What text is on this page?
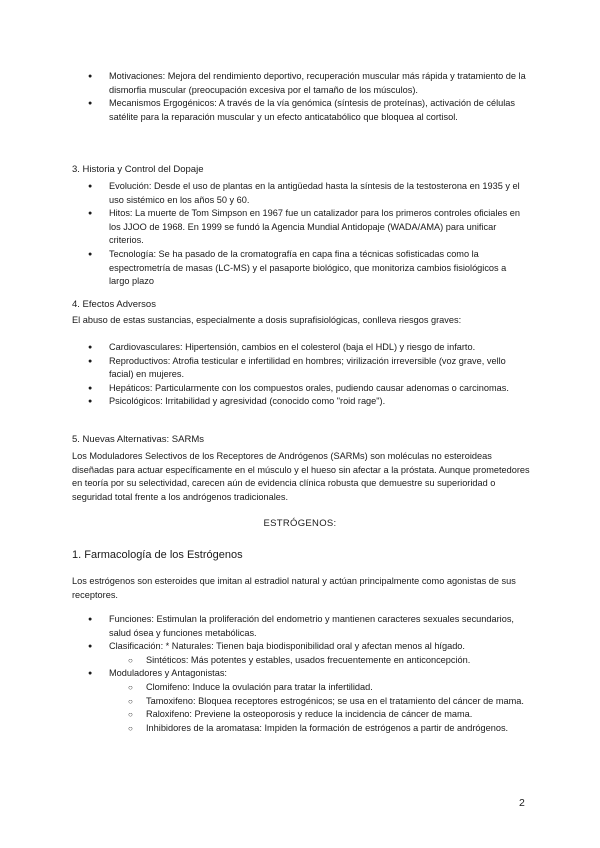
● Motivaciones: Mejora del rendimiento deportivo, recuperación muscular más rápida y tratamiento de la dismorfia muscular (preocupación excesiva por el tamaño de los músculos).
● Mecanismos Ergogénicos: A través de la vía genómica (síntesis de proteínas), activación de células satélite para la reparación muscular y un efecto anticatabólico que bloquea al cortisol.
3. Historia y Control del Dopaje
● Evolución: Desde el uso de plantas en la antigüedad hasta la síntesis de la testosterona en 1935 y el uso sistémico en los años 50 y 60.
● Hitos: La muerte de Tom Simpson en 1967 fue un catalizador para los primeros controles oficiales en los JJOO de 1968. En 1999 se fundó la Agencia Mundial Antidopaje (WADA/AMA) para unificar criterios.
● Tecnología: Se ha pasado de la cromatografía en capa fina a técnicas sofisticadas como la espectrometría de masas (LC-MS) y el pasaporte biológico, que monitoriza cambios fisiológicos a largo plazo
4. Efectos Adversos
El abuso de estas sustancias, especialmente a dosis suprafisiológicas, conlleva riesgos graves:
● Cardiovasculares: Hipertensión, cambios en el colesterol (baja el HDL) y riesgo de infarto.
● Reproductivos: Atrofia testicular e infertilidad en hombres; virilización irreversible (voz grave, vello facial) en mujeres.
● Hepáticos: Particularmente con los compuestos orales, pudiendo causar adenomas o carcinomas.
● Psicológicos: Irritabilidad y agresividad (conocido como "roid rage").
5. Nuevas Alternativas: SARMs
Los Moduladores Selectivos de los Receptores de Andrógenos (SARMs) son moléculas no esteroideas diseñadas para actuar específicamente en el músculo y el hueso sin afectar a la próstata. Aunque prometedores en teoría por su selectividad, carecen aún de evidencia clínica robusta que demuestre su superioridad o seguridad total frente a los andrógenos tradicionales.
ESTRÓGENOS:
1. Farmacología de los Estrógenos
Los estrógenos son esteroides que imitan al estradiol natural y actúan principalmente como agonistas de sus receptores.
● Funciones: Estimulan la proliferación del endometrio y mantienen caracteres sexuales secundarios, salud ósea y funciones metabólicas.
● Clasificación: * Naturales: Tienen baja biodisponibilidad oral y afectan menos al hígado.
○ Sintéticos: Más potentes y estables, usados frecuentemente en anticoncepción.
● Moduladores y Antagonistas:
○ Clomifeno: Induce la ovulación para tratar la infertilidad.
○ Tamoxifeno: Bloquea receptores estrogénicos; se usa en el tratamiento del cáncer de mama.
○ Raloxifeno: Previene la osteoporosis y reduce la incidencia de cáncer de mama.
○ Inhibidores de la aromatasa: Impiden la formación de estrógenos a partir de andrógenos.
2
